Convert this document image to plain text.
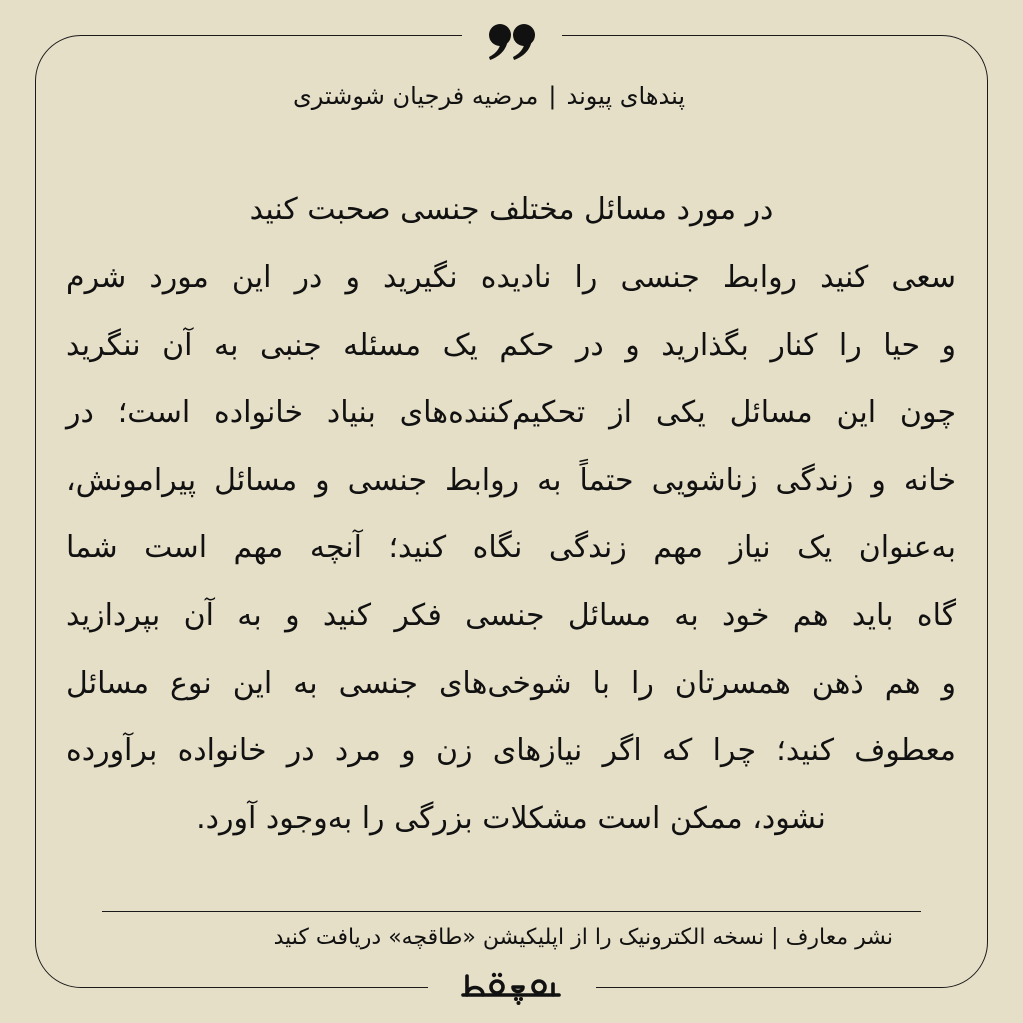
پندهای پیوند|مرضیه فرجیان شوشتری
در مورد مسائل مختلف جنسی صحبت کنید
سعی کنید روابط جنسی را نادیده نگیرید و در این مورد شرم
و حیا را کنار بگذارید و در حکم یک مسئله جنبی به آن ننگرید
چون این مسائل یکی از تحکیم‌کننده‌های بنیاد خانواده است؛ در
خانه و زندگی زناشویی حتماً به روابط جنسی و مسائل پیرامونش،
به‌عنوان یک نیاز مهم زندگی نگاه کنید؛ آنچه مهم است شما
گاه باید هم خود به مسائل جنسی فکر کنید و به آن بپردازید
و هم ذهن همسرتان را با شوخی‌های جنسی به این نوع مسائل
معطوف کنید؛ چرا که اگر نیازهای زن و مرد در خانواده برآورده
نشود، ممکن است مشکلات بزرگی را به‌وجود آورد.
نشر معارف | نسخه الکترونیک را از اپلیکیشن «طاقچه» دریافت کنید
